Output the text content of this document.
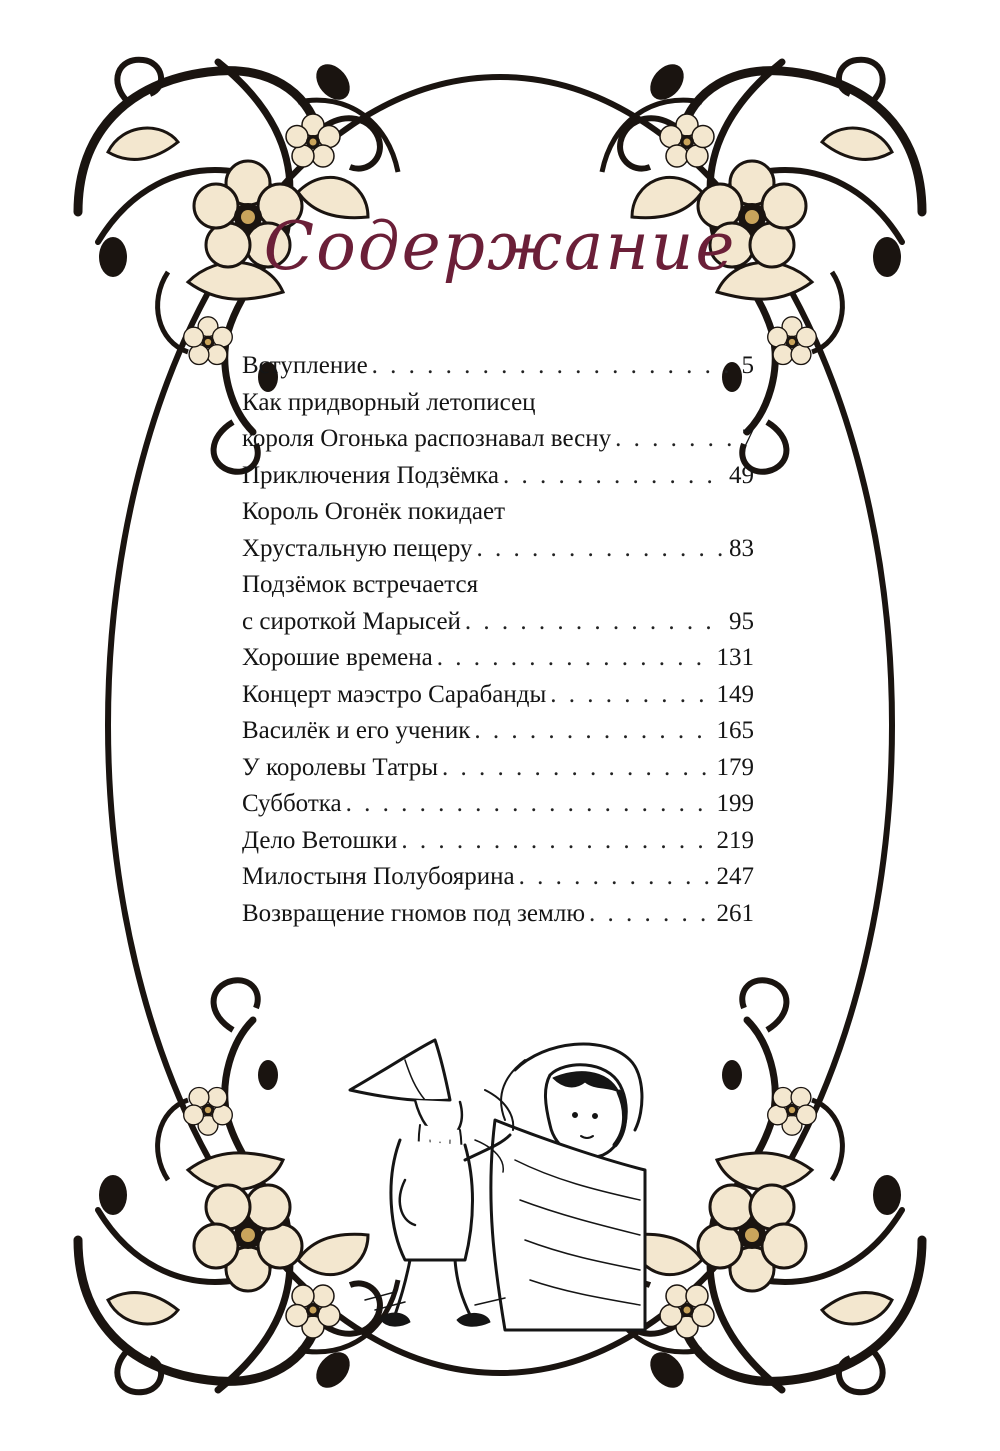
Содержание
Вступление . . .	5
Как придворный летописец
короля Огонька распознавал весну . . .	7
Приключения Подзёмка . . .	49
Король Огонёк покидает
Хрустальную пещеру . . .	83
Подзёмок встречается
с сироткой Марысей . . .	95
Хорошие времена . . .	131
Концерт маэстро Сарабанды . . .	149
Василёк и его ученик . . .	165
У королевы Татры . . .	179
Субботка . . .	199
Дело Ветошки . . .	219
Милостыня Полубоярина . . .	247
Возвращение гномов под землю . . .	261
